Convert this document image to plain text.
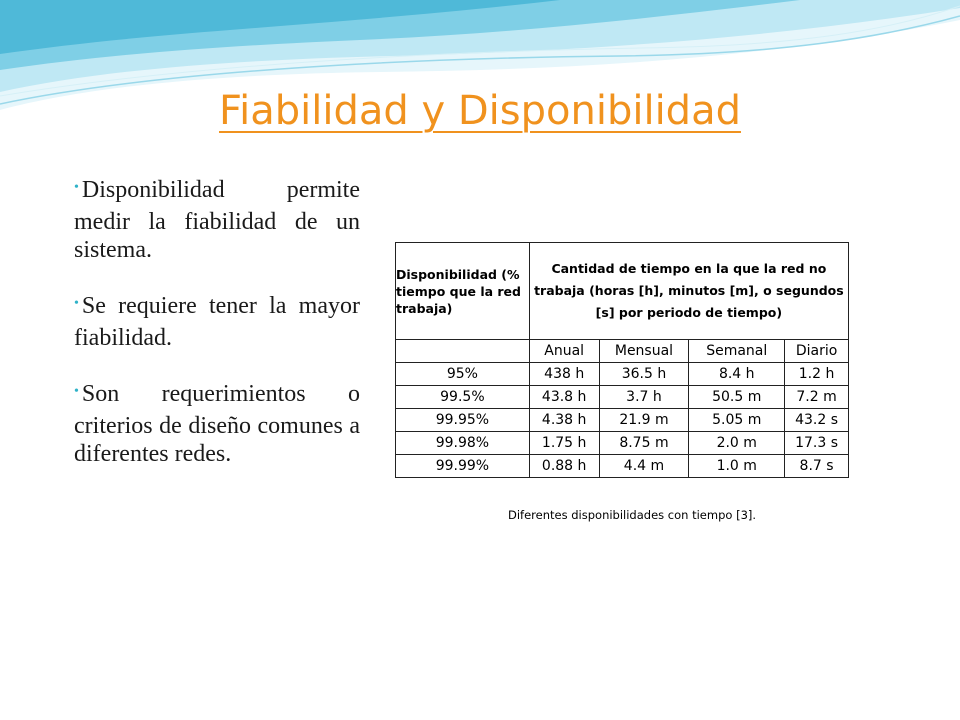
Fiabilidad y Disponibilidad
• Disponibilidad permite medir la fiabilidad de un sistema.
• Se requiere tener la mayor fiabilidad.
• Son requerimientos o criterios de diseño comunes a diferentes redes.
Disponibilidad (% tiempo que la red trabaja)	Cantidad de tiempo en la que la red no trabaja (horas [h], minutos [m], o segundos [s] por periodo de tiempo)			
	Anual	Mensual	Semanal	Diario
95%	438 h	36.5 h	8.4 h	1.2 h
99.5%	43.8 h	3.7 h	50.5 m	7.2 m
99.95%	4.38 h	21.9 m	5.05 m	43.2 s
99.98%	1.75 h	8.75 m	2.0 m	17.3 s
99.99%	0.88 h	4.4 m	1.0 m	8.7 s
Diferentes disponibilidades con tiempo [3].
